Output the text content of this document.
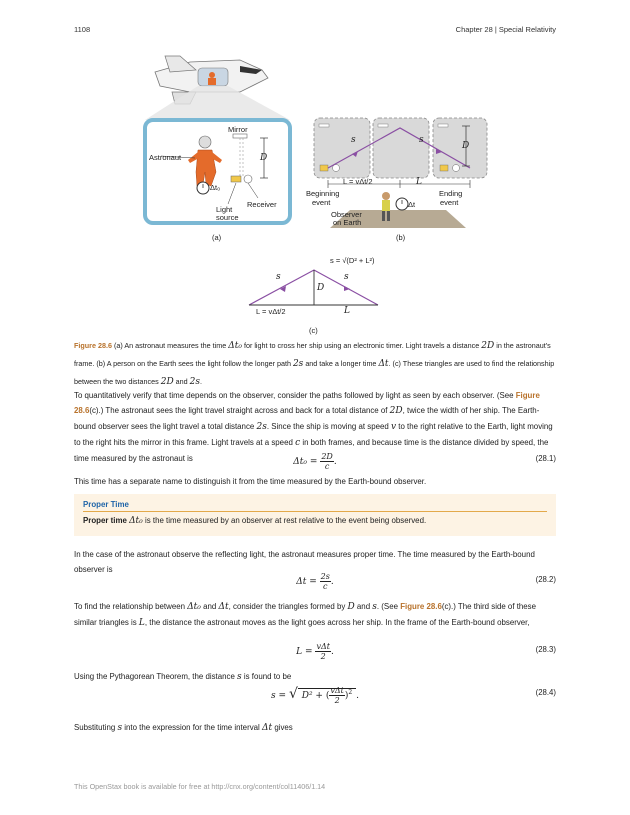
1108	Chapter 28 | Special Relativity
Mirror
Astronaut	D
Δt₀
Receiver
Light
source
(a)
s	s
D
L = vΔt/2	L
Beginning
event
Ending
event
Δt
Observer
on Earth
(b)
s = √(D² + L²)
s	s
D
L
L = vΔt/2
(c)
Figure 28.6 (a) An astronaut measures the time Δt₀ for light to cross her ship using an electronic timer. Light travels a distance 2D in the astronaut's frame. (b) A person on the Earth sees the light follow the longer path 2s and take a longer time Δt. (c) These triangles are used to find the relationship between the two distances 2D and 2s.
To quantitatively verify that time depends on the observer, consider the paths followed by light as seen by each observer. (See Figure 28.6(c).) The astronaut sees the light travel straight across and back for a total distance of 2D, twice the width of her ship. The Earth-bound observer sees the light travel a total distance 2s. Since the ship is moving at speed v to the right relative to the Earth, light moving to the right hits the mirror in this frame. Light travels at a speed c in both frames, and because time is the distance divided by speed, the time measured by the astronaut is	$\Delta t_0 = \frac{2D}{c}$ .	(28.1)
This time has a separate name to distinguish it from the time measured by the Earth-bound observer.
Proper Time
Proper time Δt₀ is the time measured by an observer at rest relative to the event being observed.
In the case of the astronaut observe the reflecting light, the astronaut measures proper time. The time measured by the Earth-bound observer is
$\Delta t = \frac{2s}{c}$ .	(28.2)
To find the relationship between Δt₀ and Δt, consider the triangles formed by D and s. (See Figure 28.6(c).) The third side of these similar triangles is L, the distance the astronaut moves as the light goes across her ship. In the frame of the Earth-bound observer,
$L = \frac{\text{vΔt}}{2}$ .	(28.3)
Using the Pythagorean Theorem, the distance s is found to be
s = √ D² + ( $\frac{\text{vΔt}}{2} )^2$ .	(28.4)
Substituting s into the expression for the time interval Δt gives
This OpenStax book is available for free at http://cnx.org/content/col11406/1.14
